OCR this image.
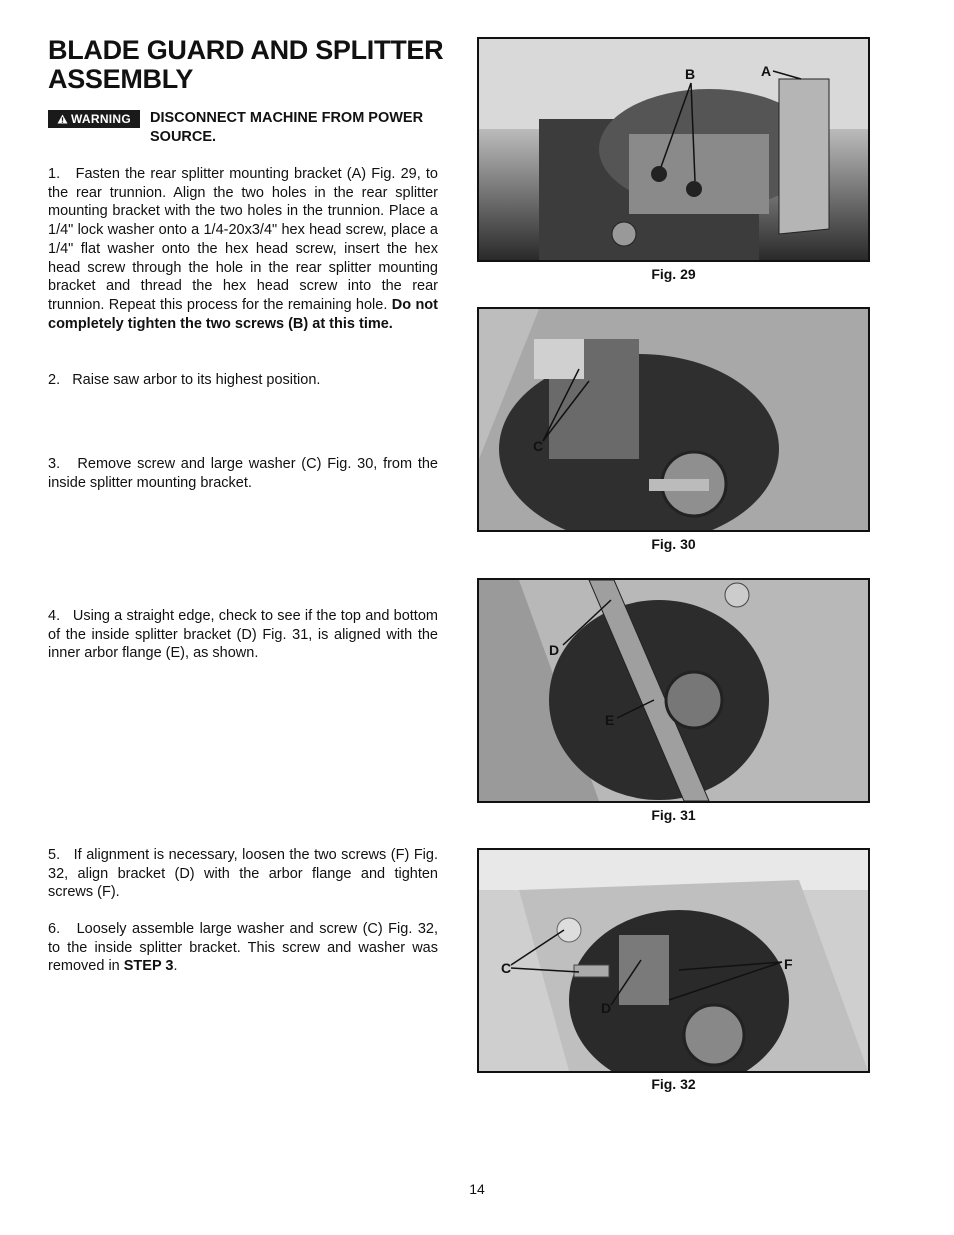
BLADE GUARD AND SPLITTER ASSEMBLY
WARNING DISCONNECT MACHINE FROM POWER SOURCE.

1. Fasten the rear splitter mounting bracket (A) Fig. 29, to the rear trunnion. Align the two holes in the rear splitter mounting bracket with the two holes in the trunnion. Place a 1/4" lock washer onto a 1/4-20x3/4" hex head screw, place a 1/4" flat washer onto the hex head screw, insert the hex head screw through the hole in the rear splitter mounting bracket and thread the hex head screw into the rear trunnion. Repeat this process for the remaining hole. Do not completely tighten the two screws (B) at this time.

2. Raise saw arbor to its highest position.

3. Remove screw and large washer (C) Fig. 30, from the inside splitter mounting bracket.

4. Using a straight edge, check to see if the top and bottom of the inside splitter bracket (D) Fig. 31, is aligned with the inner arbor flange (E), as shown.

5. If alignment is necessary, loosen the two screws (F) Fig. 32, align bracket (D) with the arbor flange and tighten screws (F).

6. Loosely assemble large washer and screw (C) Fig. 32, to the inside splitter bracket. This screw and washer was removed in STEP 3.

B	A
Fig. 29
C
Fig. 30
D
E
Fig. 31
C
D
F
Fig. 32
14
